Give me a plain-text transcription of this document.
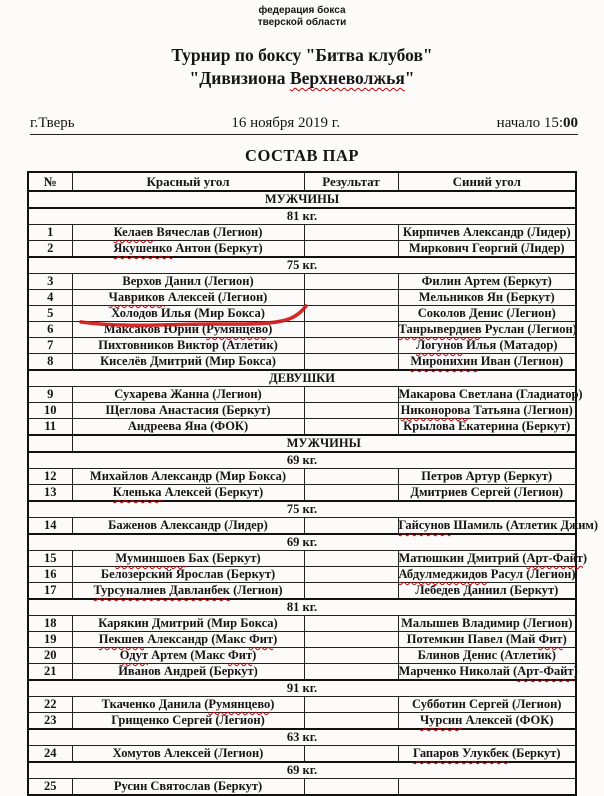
федерация бокса
тверской области
Турнир по боксу "Битва клубов"
"Дивизиона Верхневолжья"
г.Тверь	16 ноября 2019 г.	начало 15:00
СОСТАВ ПАР
№	Красный угол	Результат	Синий угол
МУЖЧИНЫ			
81 кг.			
1	Келаев Вячеслав (Легион)		Кирпичев Александр (Лидер)
2	Якушенко Антон (Беркут)		Миркович Георгий (Лидер)
75 кг.			
3	Верхов Данил (Легион)		Филин Артем (Беркут)
4	Чавриков Алексей (Легион)		Мельников Ян (Беркут)
5	Холодов Илья (Мир Бокса)		Соколов Денис (Легион)
6	Максаков Юрий (Румянцево)		Танрывердиев Руслан (Легион)
7	Пихтовников Виктор (Атлетик)		Логунов Илья (Матадор)
8	Киселёв Дмитрий (Мир Бокса)		Миронихин Иван (Легион)
ДЕВУШКИ			
9	Сухарева Жанна (Легион)		Макарова Светлана (Гладиатор)
10	Щеглова Анастасия (Беркут)		Никонорова Татьяна (Легион)
11	Андреева Яна (ФОК)		Крылова Екатерина (Беркут)
	МУЖЧИНЫ		
69 кг.			
12	Михайлов Александр (Мир Бокса)		Петров Артур (Беркут)
13	Кленька Алексей (Беркут)		Дмитриев Сергей (Легион)
75 кг.			
14	Баженов Александр (Лидер)		Гайсунов Шамиль (Атлетик Джим)
69 кг.			
15	Муминшоев Бах (Беркут)		Матюшкин Дмитрий (Арт-Файт)
16	Белозерский Ярослав (Беркут)		Абдулмеджидов Расул (Легион)
17	Турсуналиев Давланбек (Легион)		Лебедев Даниил (Беркут)
81 кг.			
18	Карякин Дмитрий (Мир Бокса)		Малышев Владимир (Легион)
19	Пекшев Александр (Макс Фит)		Потемкин Павел (Май Фит)
20	Одут Артем (Макс Фит)		Блинов Денис (Атлетик)
21	Иванов Андрей (Беркут)		Марченко Николай (Арт-Файт)
91 кг.			
22	Ткаченко Данила (Румянцево)		Субботин Сергей (Легион)
23	Грищенко Сергей (Легион)		Чурсин Алексей (ФОК)
63 кг.			
24	Хомутов Алексей (Легион)		Гапаров Улукбек (Беркут)
69 кг.			
25	Русин Святослав (Беркут)		
